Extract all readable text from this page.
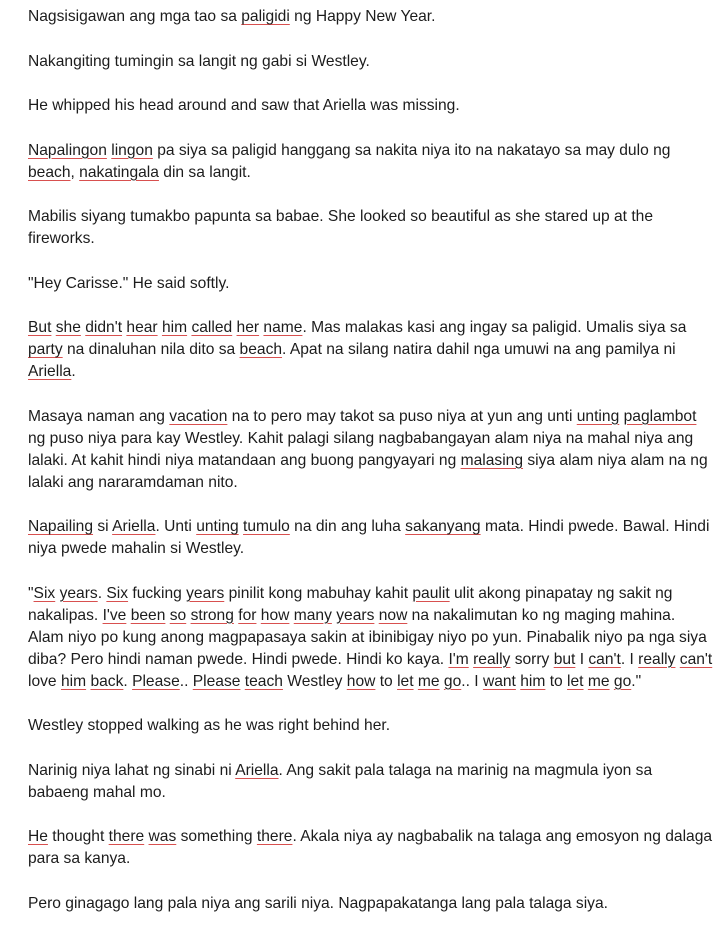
Nagsisigawan ang mga tao sa paligidi ng Happy New Year.

Nakangiting tumingin sa langit ng gabi si Westley.

He whipped his head around and saw that Ariella was missing.

Napalingon lingon pa siya sa paligid hanggang sa nakita niya ito na nakatayo sa may dulo ng beach, nakatingala din sa langit.

Mabilis siyang tumakbo papunta sa babae. She looked so beautiful as she stared up at the fireworks.

"Hey Carisse." He said softly.

But she didn't hear him called her name. Mas malakas kasi ang ingay sa paligid. Umalis siya sa party na dinaluhan nila dito sa beach. Apat na silang natira dahil nga umuwi na ang pamilya ni Ariella.

Masaya naman ang vacation na to pero may takot sa puso niya at yun ang unti unting paglambot ng puso niya para kay Westley. Kahit palagi silang nagbabangayan alam niya na mahal niya ang lalaki. At kahit hindi niya matandaan ang buong pangyayari ng malasing siya alam niya alam na ng lalaki ang nararamdaman nito.

Napailing si Ariella. Unti unting tumulo na din ang luha sakanyang mata. Hindi pwede. Bawal. Hindi niya pwede mahalin si Westley.

"Six years. Six fucking years pinilit kong mabuhay kahit paulit ulit akong pinapatay ng sakit ng nakalipas. I've been so strong for how many years now na nakalimutan ko ng maging mahina. Alam niyo po kung anong magpapasaya sakin at ibinibigay niyo po yun. Pinabalik niyo pa nga siya diba? Pero hindi naman pwede. Hindi pwede. Hindi ko kaya. I'm really sorry but I can't. I really can't love him back. Please.. Please teach Westley how to let me go.. I want him to let me go."

Westley stopped walking as he was right behind her.

Narinig niya lahat ng sinabi ni Ariella. Ang sakit pala talaga na marinig na magmula iyon sa babaeng mahal mo.

He thought there was something there. Akala niya ay nagbabalik na talaga ang emosyon ng dalaga para sa kanya.

Pero ginagago lang pala niya ang sarili niya. Nagpapakatanga lang pala talaga siya.
